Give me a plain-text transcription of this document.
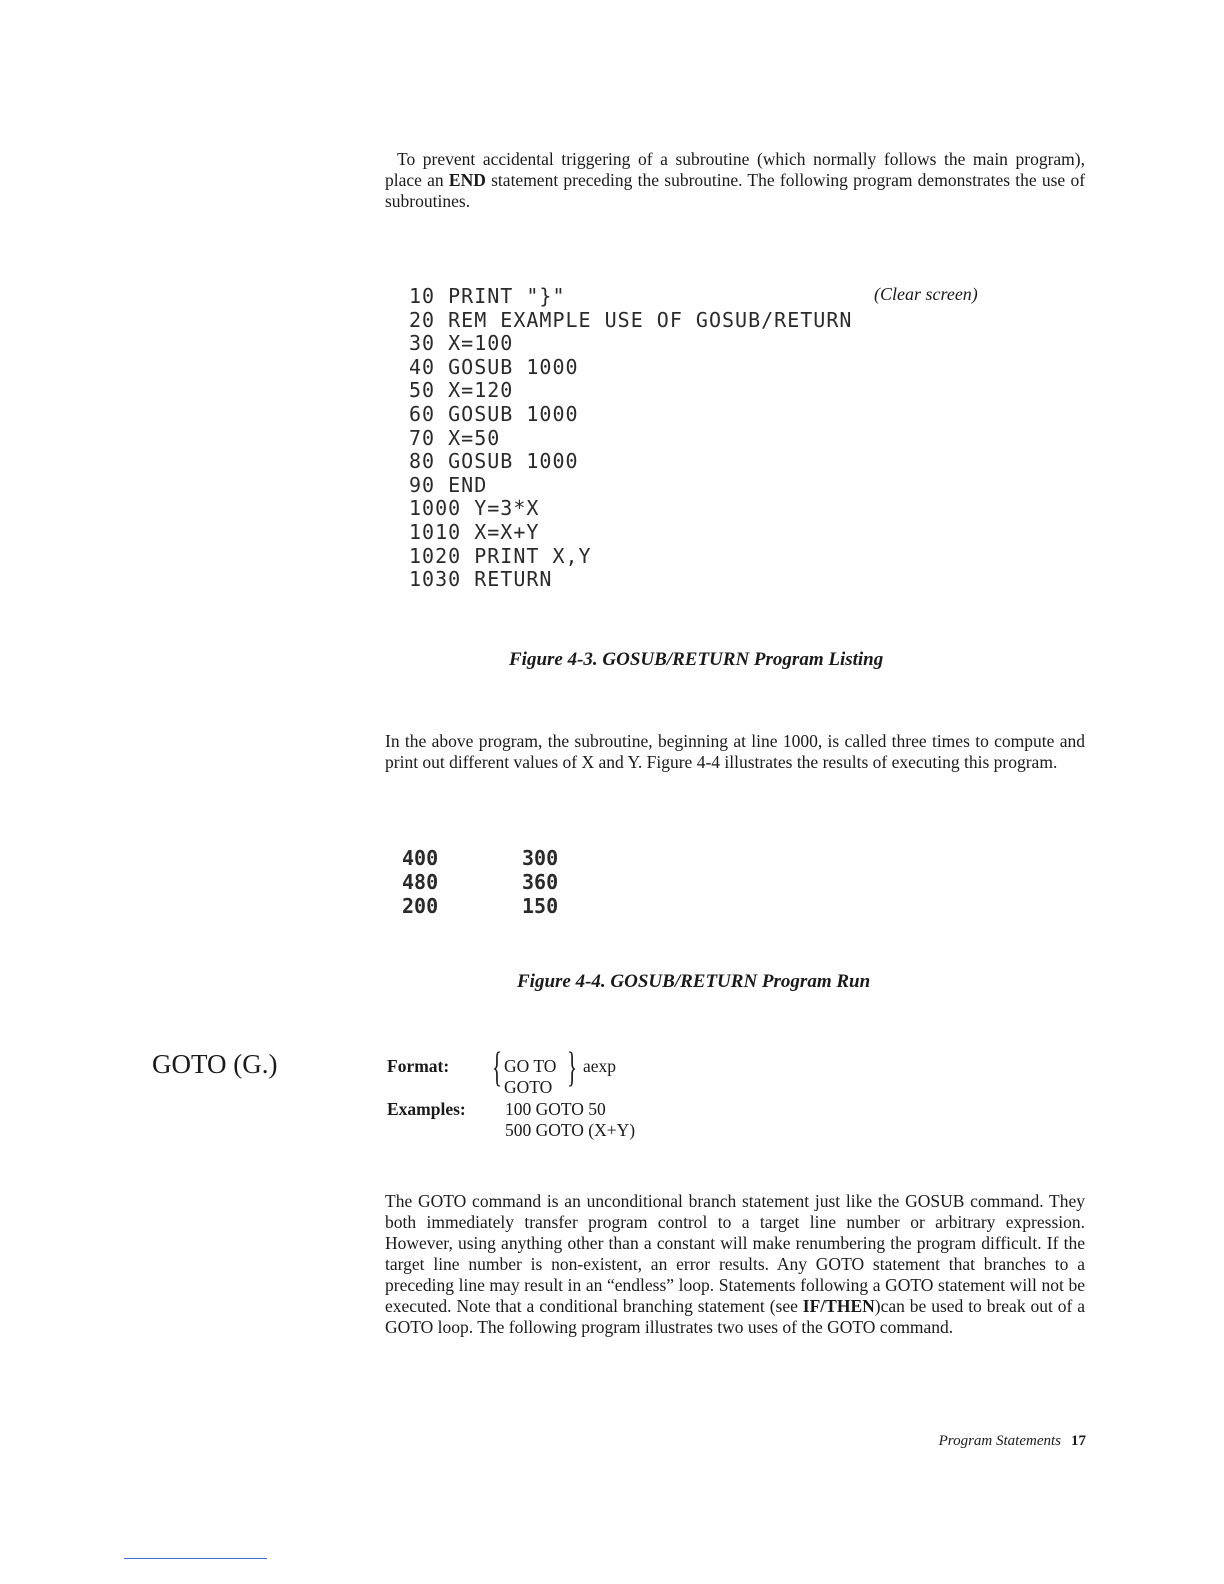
To prevent accidental triggering of a subroutine (which normally follows the main program), place an END statement preceding the subroutine. The following program demonstrates the use of subroutines.

10 PRINT "}"
20 REM EXAMPLE USE OF GOSUB/RETURN
30 X=100
40 GOSUB 1000
50 X=120
60 GOSUB 1000
70 X=50
80 GOSUB 1000
90 END
1000 Y=3*X
1010 X=X+Y
1020 PRINT X,Y
1030 RETURN
(Clear screen)
Figure 4-3. GOSUB/RETURN Program Listing

In the above program, the subroutine, beginning at line 1000, is called three times to compute and print out different values of X and Y. Figure 4-4 illustrates the results of executing this program.

400	300
480	360
200	150
Figure 4-4. GOSUB/RETURN Program Run
GOTO (G.)	Format: { GO TO
GOTO } aexp
Examples: 100 GOTO 50
500 GOTO (X+Y)

The GOTO command is an unconditional branch statement just like the GOSUB command. They both immediately transfer program control to a target line number or arbitrary expression. However, using anything other than a constant will make renumbering the program difficult. If the target line number is non-existent, an error results. Any GOTO statement that branches to a preceding line may result in an “endless” loop. Statements following a GOTO statement will not be executed. Note that a conditional branching statement (see IF/THEN)can be used to break out of a GOTO loop. The following program illustrates two uses of the GOTO command.

Program Statements 17
